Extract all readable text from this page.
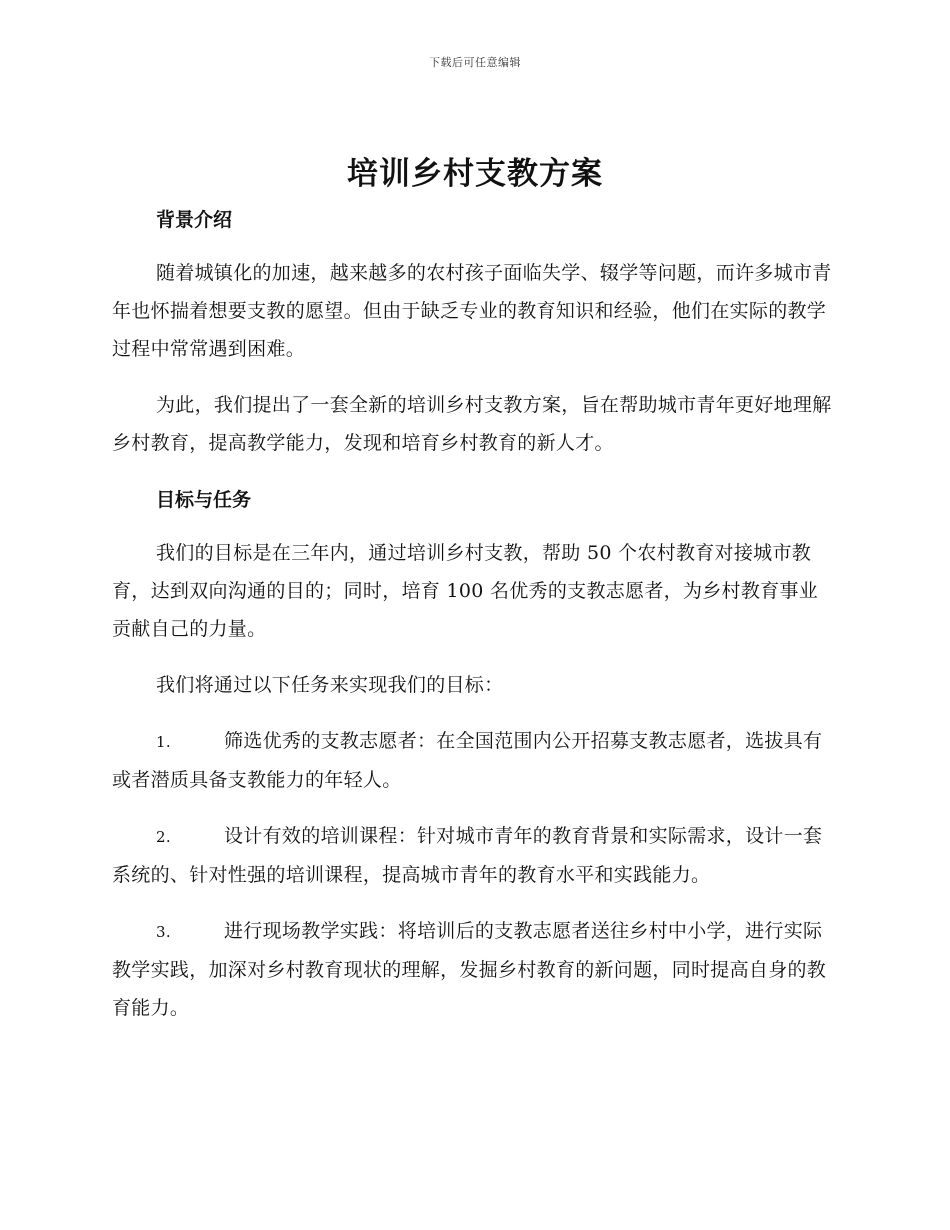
下载后可任意编辑
培训乡村支教方案
背景介绍

随着城镇化的加速，越来越多的农村孩子面临失学、辍学等问题，而许多城市青年也怀揣着想要支教的愿望。但由于缺乏专业的教育知识和经验，他们在实际的教学过程中常常遇到困难。

为此，我们提出了一套全新的培训乡村支教方案，旨在帮助城市青年更好地理解乡村教育，提高教学能力，发现和培育乡村教育的新人才。

目标与任务

我们的目标是在三年内，通过培训乡村支教，帮助 50 个农村教育对接城市教育，达到双向沟通的目的；同时，培育 100 名优秀的支教志愿者，为乡村教育事业贡献自己的力量。

我们将通过以下任务来实现我们的目标：

1.	筛选优秀的支教志愿者：在全国范围内公开招募支教志愿者，选拔具有或者潜质具备支教能力的年轻人。

2.	设计有效的培训课程：针对城市青年的教育背景和实际需求，设计一套系统的、针对性强的培训课程，提高城市青年的教育水平和实践能力。

3.	进行现场教学实践：将培训后的支教志愿者送往乡村中小学，进行实际教学实践，加深对乡村教育现状的理解，发掘乡村教育的新问题，同时提高自身的教育能力。
